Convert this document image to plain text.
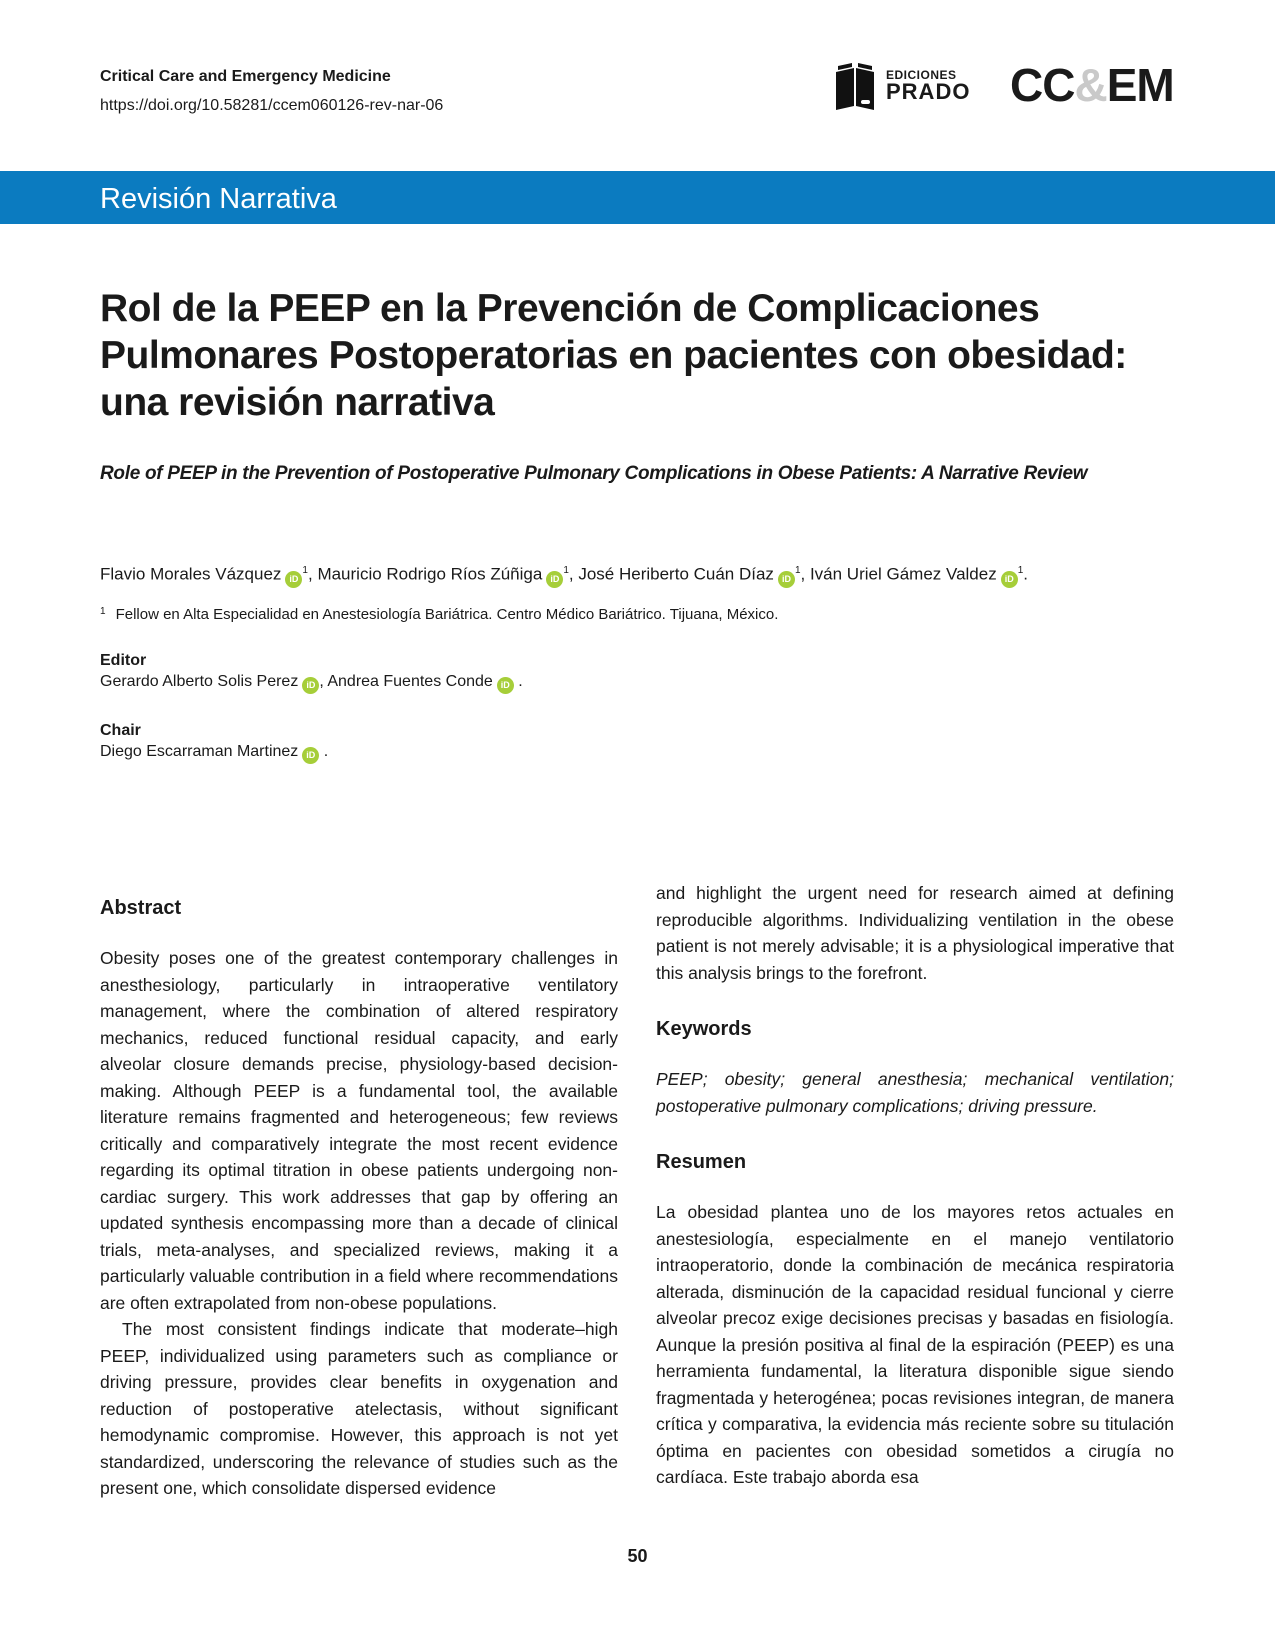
Critical Care and Emergency Medicine
https://doi.org/10.58281/ccem060126-rev-nar-06
EDICIONES
PRADO CC&EM
Revisión Narrativa
Rol de la PEEP en la Prevención de Complicaciones Pulmonares Postoperatorias en pacientes con obesidad: una revisión narrativa
Role of PEEP in the Prevention of Postoperative Pulmonary Complications in Obese Patients: A Narrative Review
Flavio Morales Vázquez $iD^1$, Mauricio Rodrigo Ríos Zúñiga $iD^1$, José Heriberto Cuán Díaz $iD^1$, Iván Uriel Gámez Valdez $iD^1$.
$^1$ Fellow en Alta Especialidad en Anestesiología Bariátrica. Centro Médico Bariátrico. Tijuana, México.
Editor
Gerardo Alberto Solis Perez iD , Andrea Fuentes Conde iD .
Chair
Diego Escarraman Martinez iD .
Abstract

Obesity poses one of the greatest contemporary challenges in anesthesiology, particularly in intraoperative ventilatory management, where the combination of altered respiratory mechanics, reduced functional residual capacity, and early alveolar closure demands precise, physiology-based decision-making. Although PEEP is a fundamental tool, the available literature remains fragmented and heterogeneous; few reviews critically and comparatively integrate the most recent evidence regarding its optimal titration in obese patients undergoing non-cardiac surgery. This work addresses that gap by offering an updated synthesis encompassing more than a decade of clinical trials, meta-analyses, and specialized reviews, making it a particularly valuable contribution in a field where recommendations are often extrapolated from non-obese populations.

The most consistent findings indicate that moderate–high PEEP, individualized using parameters such as compliance or driving pressure, provides clear benefits in oxygenation and reduction of postoperative atelectasis, without significant hemodynamic compromise. However, this approach is not yet standardized, underscoring the relevance of studies such as the present one, which consolidate dispersed evidence

and highlight the urgent need for research aimed at defining reproducible algorithms. Individualizing ventilation in the obese patient is not merely advisable; it is a physiological imperative that this analysis brings to the forefront.

Keywords

PEEP; obesity; general anesthesia; mechanical ventilation; postoperative pulmonary complications; driving pressure.

Resumen

La obesidad plantea uno de los mayores retos actuales en anestesiología, especialmente en el manejo ventilatorio intraoperatorio, donde la combinación de mecánica respiratoria alterada, disminución de la capacidad residual funcional y cierre alveolar precoz exige decisiones precisas y basadas en fisiología. Aunque la presión positiva al final de la espiración (PEEP) es una herramienta fundamental, la literatura disponible sigue siendo fragmentada y heterogénea; pocas revisiones integran, de manera crítica y comparativa, la evidencia más reciente sobre su titulación óptima en pacientes con obesidad sometidos a cirugía no cardíaca. Este trabajo aborda esa

50
